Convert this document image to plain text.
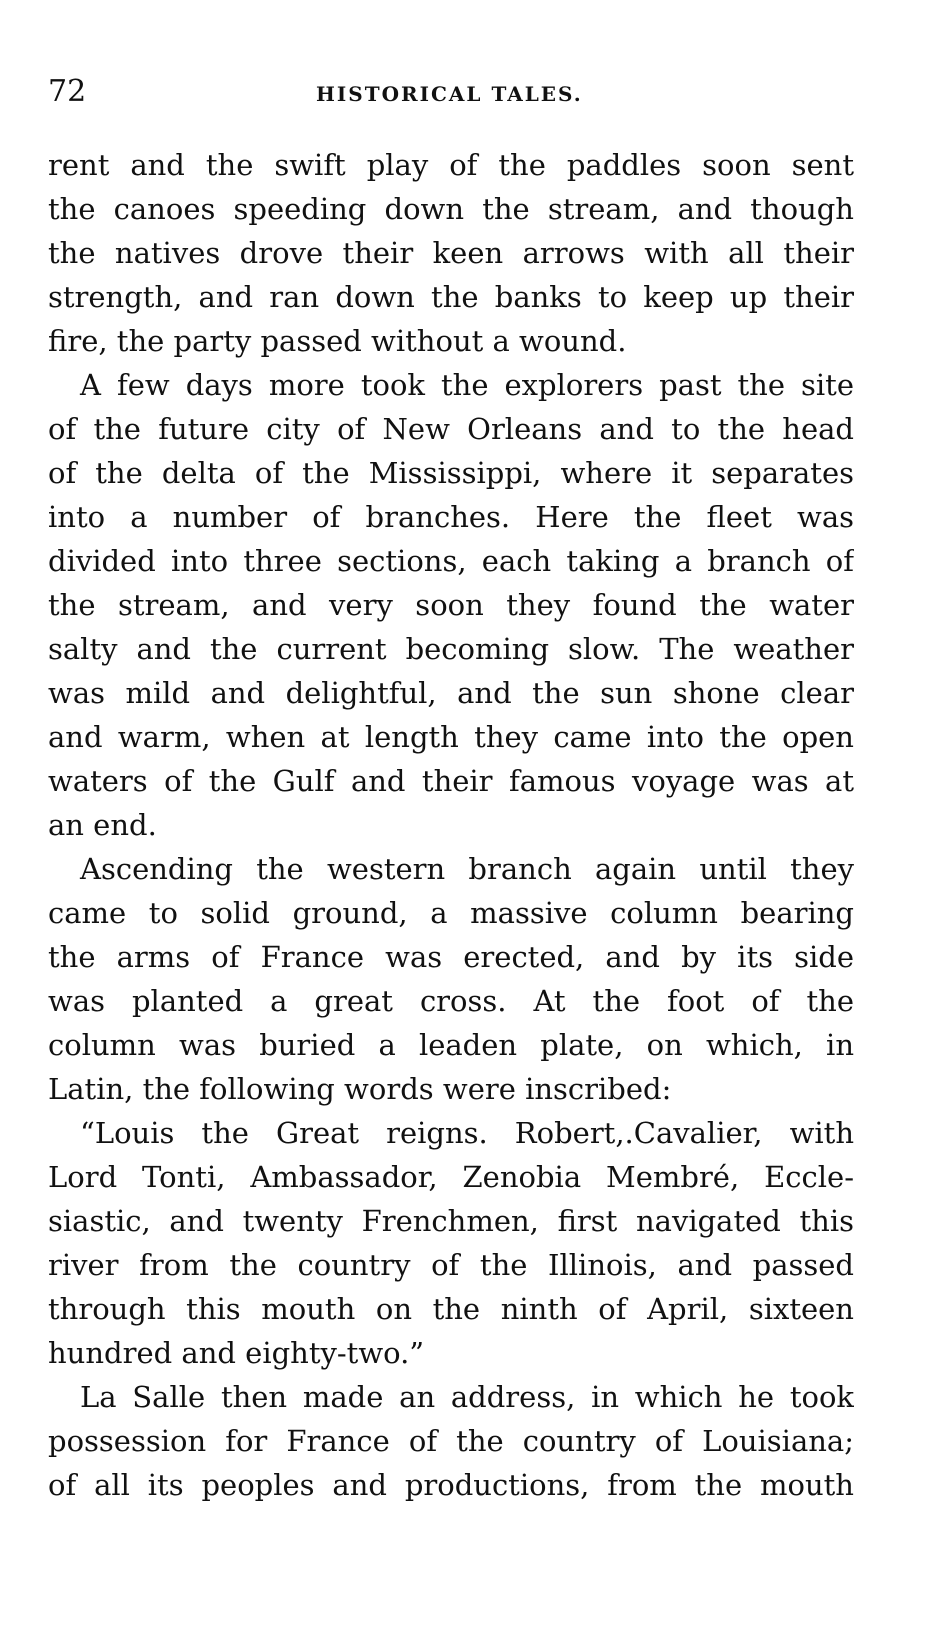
72	HISTORICAL TALES.
rent and the swift play of the paddles soon sent
the canoes speeding down the stream, and though
the natives drove their keen arrows with all their
strength, and ran down the banks to keep up their
fire, the party passed without a wound.
A few days more took the explorers past the site
of the future city of New Orleans and to the head
of the delta of the Mississippi, where it separates
into a number of branches. Here the fleet was
divided into three sections, each taking a branch of
the stream, and very soon they found the water
salty and the current becoming slow. The weather
was mild and delightful, and the sun shone clear
and warm, when at length they came into the open
waters of the Gulf and their famous voyage was at
an end.
Ascending the western branch again until they
came to solid ground, a massive column bearing
the arms of France was erected, and by its side
was planted a great cross. At the foot of the
column was buried a leaden plate, on which, in
Latin, the following words were inscribed:
“Louis the Great reigns. Robert,.Cavalier, with
Lord Tonti, Ambassador, Zenobia Membré, Eccle-
siastic, and twenty Frenchmen, first navigated this
river from the country of the Illinois, and passed
through this mouth on the ninth of April, sixteen
hundred and eighty-two.”
La Salle then made an address, in which he took
possession for France of the country of Louisiana;
of all its peoples and productions, from the mouth
